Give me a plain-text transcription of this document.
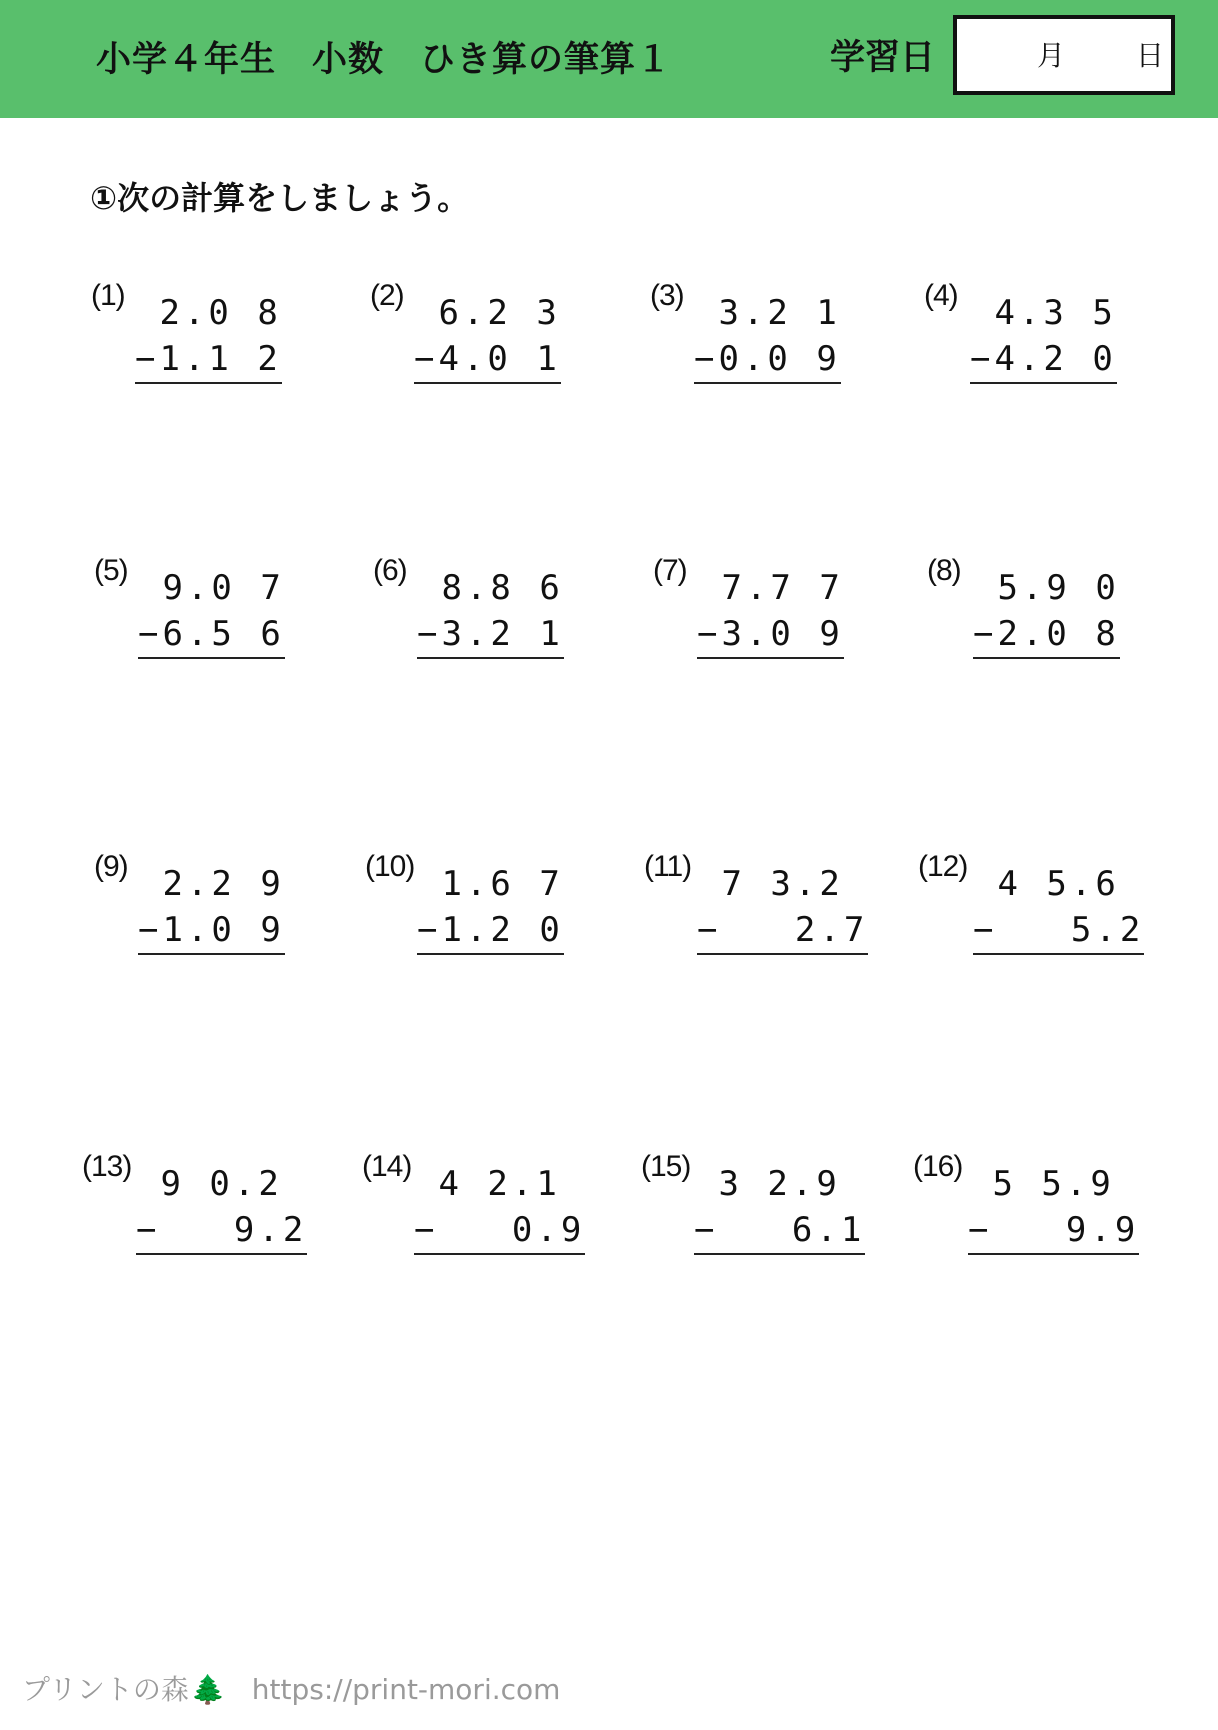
小学４年生　小数　ひき算の筆算１	学習日	月	日
①次の計算をしましょう。
(1) 2.0 8
−1.1 2
(2) 6.2 3
−4.0 1
(3) 3.2 1
−0.0 9
(4) 4.3 5
−4.2 0
(5) 9.0 7
−6.5 6
(6) 8.8 6
−3.2 1
(7) 7.7 7
−3.0 9
(8) 5.9 0
−2.0 8
(9) 2.2 9
−1.0 9
(10) 1.6 7
−1.2 0
(11) 7 3.2
−   2.7
(12) 4 5.6
−   5.2
(13) 9 0.2
−   9.2
(14) 4 2.1
−   0.9
(15) 3 2.9
−   6.1
(16) 5 5.9
−   9.9
プリントの森🌲 https://print-mori.com
